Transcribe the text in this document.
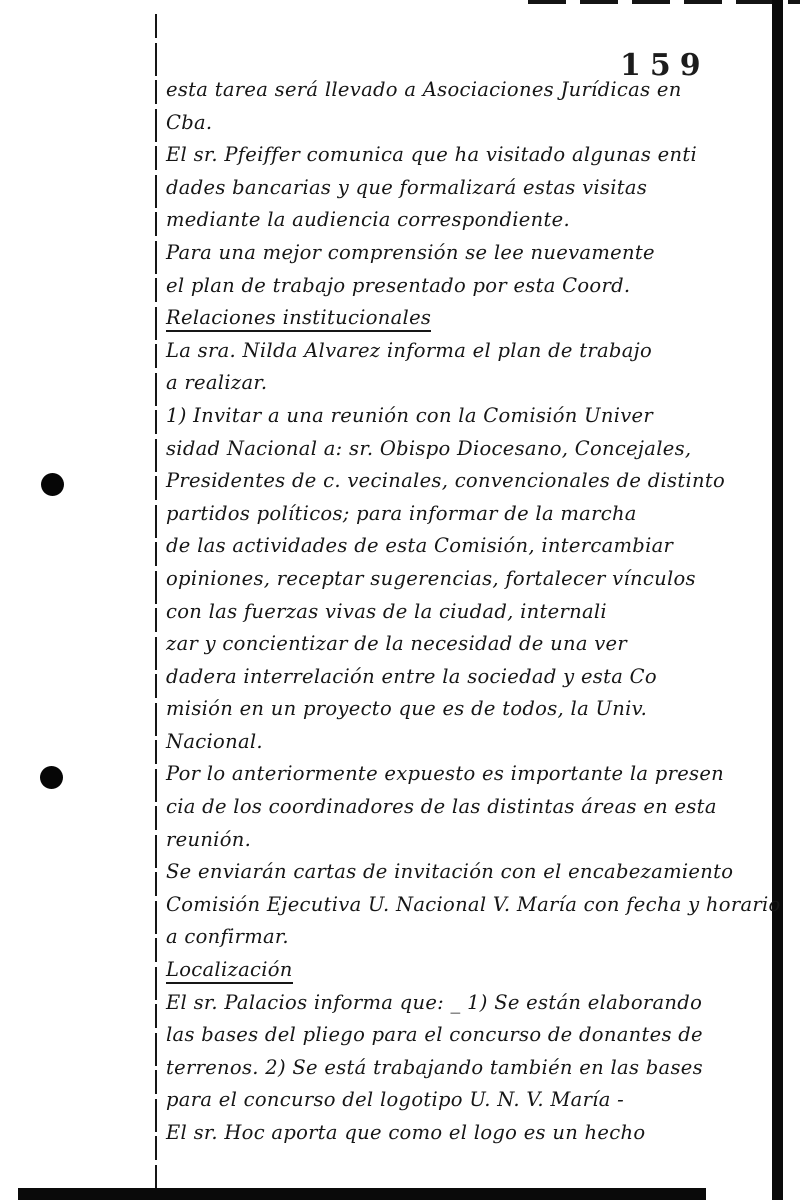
159
esta tarea será llevado a Asociaciones Jurídicas en
Cba.
El sr. Pfeiffer comunica que ha visitado algunas enti
dades bancarias y que formalizará estas visitas
mediante la audiencia correspondiente.
Para una mejor comprensión se lee nuevamente
el plan de trabajo presentado por esta Coord.
Relaciones institucionales
La sra. Nilda Alvarez informa el plan de trabajo
a realizar.
1) Invitar a una reunión con la Comisión Univer
sidad Nacional a: sr. Obispo Diocesano, Concejales,
Presidentes de c. vecinales, convencionales de distinto
partidos políticos; para informar de la marcha
de las actividades de esta Comisión, intercambiar
opiniones, receptar sugerencias, fortalecer vínculos
con las fuerzas vivas de la ciudad, internali
zar y concientizar de la necesidad de una ver
dadera interrelación entre la sociedad y esta Co
misión en un proyecto que es de todos, la Univ.
Nacional.
Por lo anteriormente expuesto es importante la presen
cia de los coordinadores de las distintas áreas en esta
reunión.
Se enviarán cartas de invitación con el encabezamiento
Comisión Ejecutiva U. Nacional V. María con fecha y horario
a confirmar.
Localización
El sr. Palacios informa que: _ 1) Se están elaborando
las bases del pliego para el concurso de donantes de
terrenos. 2) Se está trabajando también en las bases
para el concurso del logotipo U. N. V. María -
El sr. Hoc aporta que como el logo es un hecho
